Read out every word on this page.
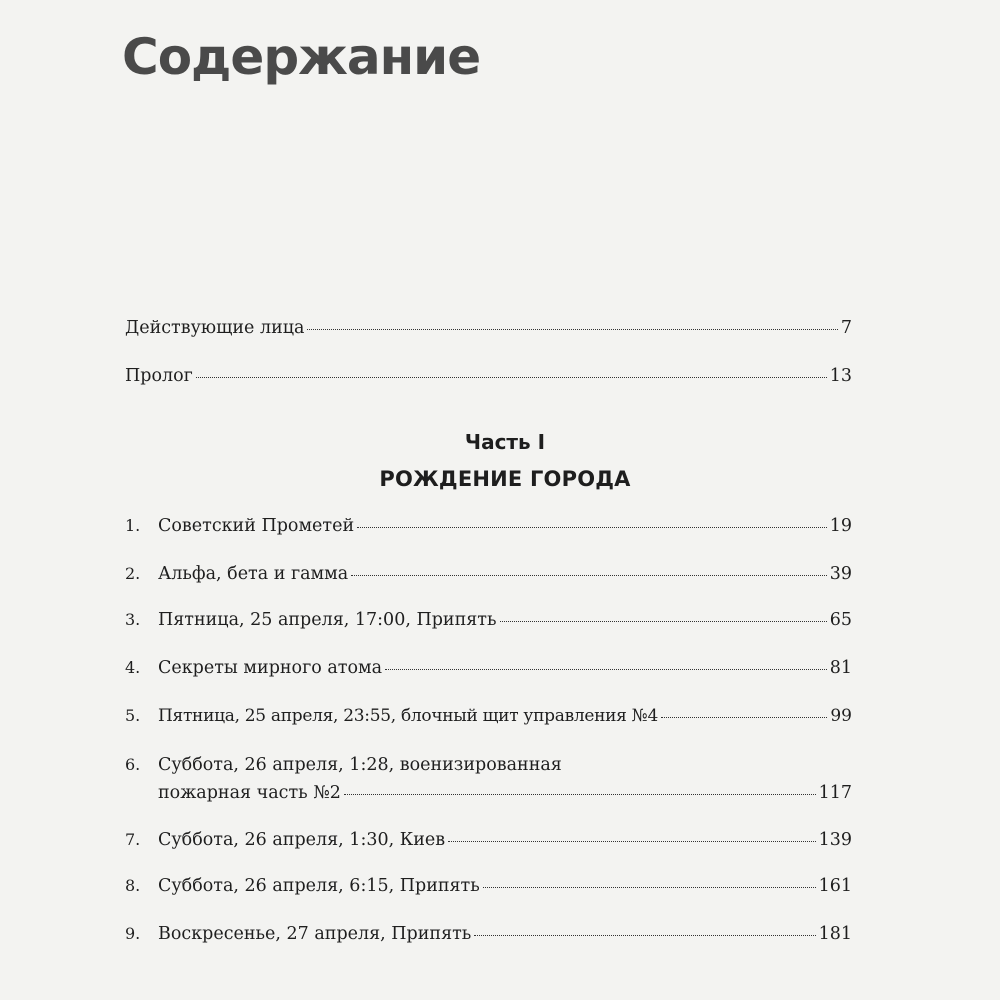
Содержание
Действующие лица	7
Пролог	13
Часть I
РОЖДЕНИЕ ГОРОДА
1.	Советский Прометей	19
2.	Альфа, бета и гамма	39
3.	Пятница, 25 апреля, 17:00, Припять	65
4.	Секреты мирного атома	81
5.	Пятница, 25 апреля, 23:55, блочный щит управления №4	99
6.	Суббота, 26 апреля, 1:28, военизированная
пожарная часть №2	117
7.	Суббота, 26 апреля, 1:30, Киев	139
8.	Суббота, 26 апреля, 6:15, Припять	161
9.	Воскресенье, 27 апреля, Припять	181
